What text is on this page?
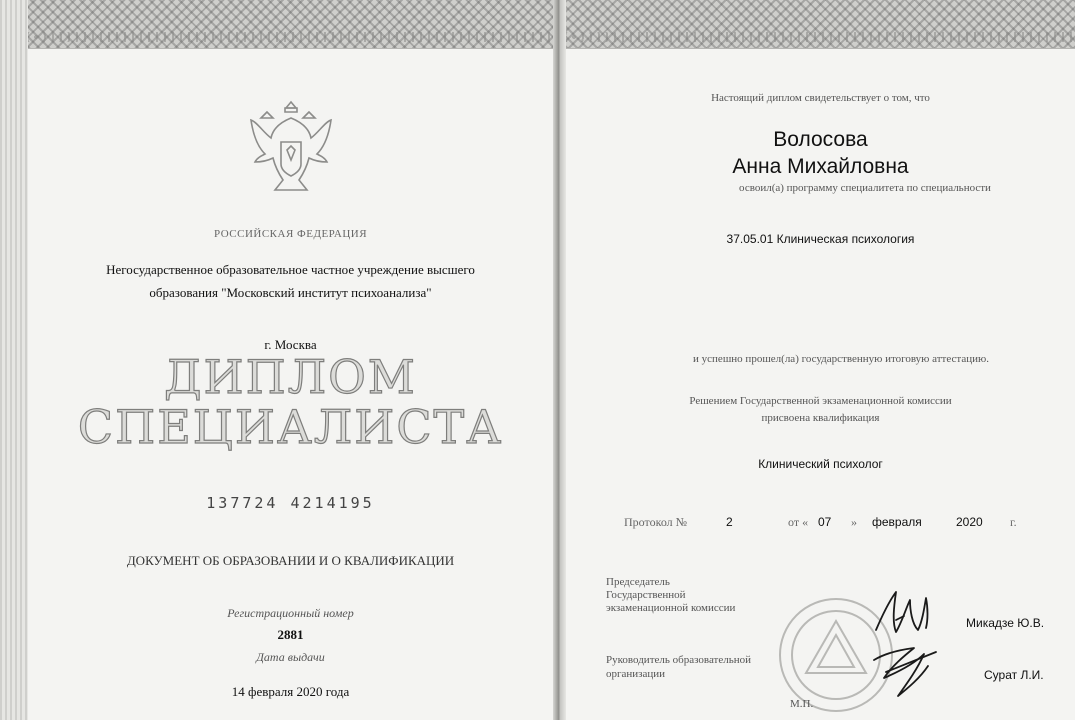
РОССИЙСКАЯ ФЕДЕРАЦИЯ
Негосударственное образовательное частное учреждение высшего
образования "Московский институт психоанализа"
г. Москва
ДИПЛОМ
СПЕЦИАЛИСТА
137724 4214195
ДОКУМЕНТ ОБ ОБРАЗОВАНИИ И О КВАЛИФИКАЦИИ
Регистрационный номер
2881
Дата выдачи
14 февраля 2020 года
Настоящий диплом свидетельствует о том, что
Волосова
Анна Михайловна
освоил(а) программу специалитета по специальности
37.05.01 Клиническая психология
и успешно прошел(ла) государственную итоговую аттестацию.
Решением Государственной экзаменационной комиссии
присвоена квалификация
Клинический психолог
Протокол №	2	от « 07 » февраля	2020 г.
Председатель
Государственной
экзаменационной комиссии
Руководитель образовательной
организации
Микадзе Ю.В.
Сурат Л.И.
М.П.
